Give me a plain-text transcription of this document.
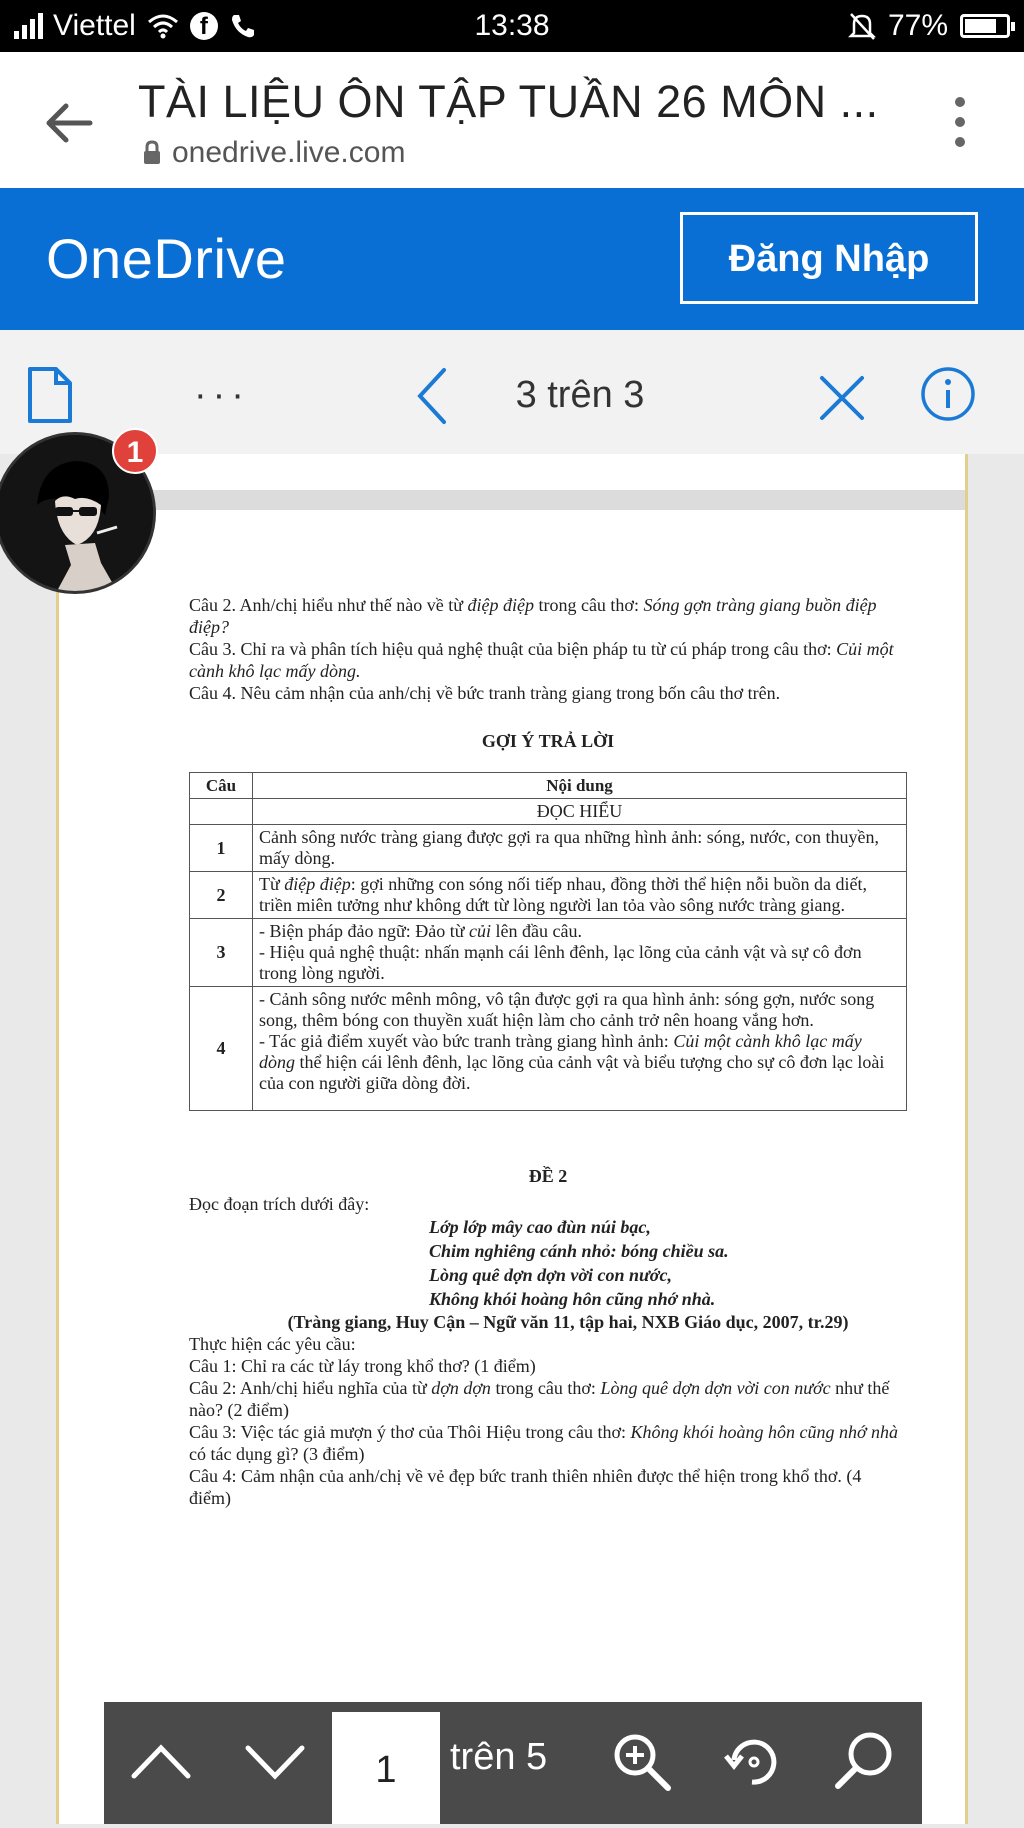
Viettel	f	13:38	77%
TÀI LIỆU ÔN TẬP TUẦN 26 MÔN ...
onedrive.live.com
OneDrive	Đăng Nhập
···	3 trên 3

Câu 2. Anh/chị hiểu như thế nào về từ điệp điệp trong câu thơ: Sóng gợn tràng giang buồn điệp điệp?

Câu 3. Chỉ ra và phân tích hiệu quả nghệ thuật của biện pháp tu từ cú pháp trong câu thơ: Củi một cành khô lạc mấy dòng.

Câu 4. Nêu cảm nhận của anh/chị về bức tranh tràng giang trong bốn câu thơ trên.

GỢI Ý TRẢ LỜI

Câu	Nội dung
	ĐỌC HIỂU
1	Cảnh sông nước tràng giang được gợi ra qua những hình ảnh: sóng, nước, con thuyền, mấy dòng.
2	Từ điệp điệp: gợi những con sóng nối tiếp nhau, đồng thời thể hiện nỗi buồn da diết, triền miên tưởng như không dứt từ lòng người lan tỏa vào sông nước tràng giang.
3	- Biện pháp đảo ngữ: Đảo từ củi lên đầu câu.
- Hiệu quả nghệ thuật: nhấn mạnh cái lênh đênh, lạc lõng của cảnh vật và sự cô đơn trong lòng người.
4	- Cảnh sông nước mênh mông, vô tận được gợi ra qua hình ảnh: sóng gợn, nước song song, thêm bóng con thuyền xuất hiện làm cho cảnh trở nên hoang vắng hơn.
- Tác giả điểm xuyết vào bức tranh tràng giang hình ảnh: Củi một cành khô lạc mấy dòng thể hiện cái lênh đênh, lạc lõng của cảnh vật và biểu tượng cho sự cô đơn lạc loài của con người giữa dòng đời.

ĐỀ 2

Đọc đoạn trích dưới đây:

Lớp lớp mây cao đùn núi bạc,

Chim nghiêng cánh nhỏ: bóng chiều sa.

Lòng quê dợn dợn vời con nước,

Không khói hoàng hôn cũng nhớ nhà.

(Tràng giang, Huy Cận – Ngữ văn 11, tập hai, NXB Giáo dục, 2007, tr.29)

Thực hiện các yêu cầu:

Câu 1: Chỉ ra các từ láy trong khổ thơ? (1 điểm)

Câu 2: Anh/chị hiểu nghĩa của từ dợn dợn trong câu thơ: Lòng quê dợn dợn vời con nước như thế nào? (2 điểm)

Câu 3: Việc tác giả mượn ý thơ của Thôi Hiệu trong câu thơ: Không khói hoàng hôn cũng nhớ nhà có tác dụng gì? (3 điểm)

Câu 4: Cảm nhận của anh/chị về vẻ đẹp bức tranh thiên nhiên được thể hiện trong khổ thơ. (4 điểm)

1
1	trên 5
